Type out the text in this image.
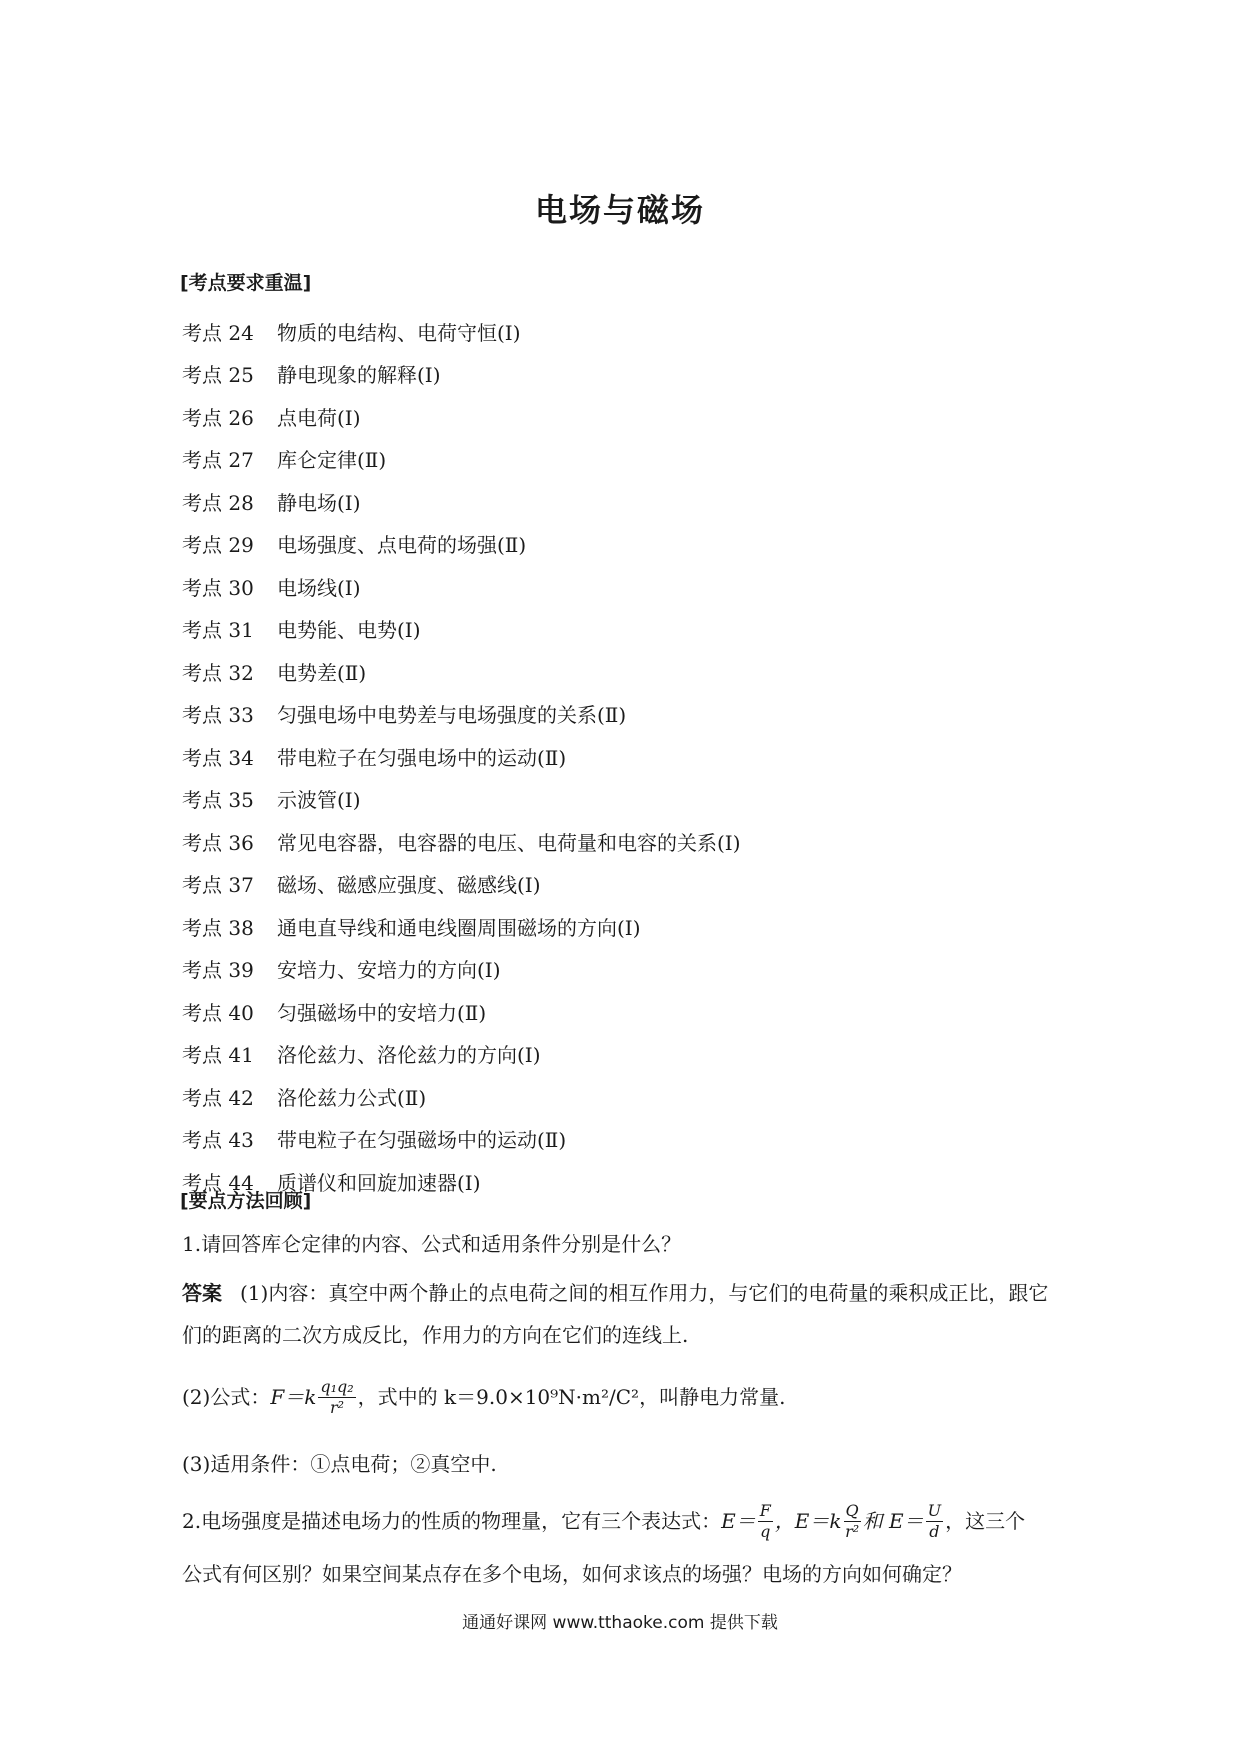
电场与磁场
[考点要求重温]
考点 24	物质的电结构、电荷守恒(Ⅰ)
考点 25	静电现象的解释(Ⅰ)
考点 26	点电荷(Ⅰ)
考点 27	库仑定律(Ⅱ)
考点 28	静电场(Ⅰ)
考点 29	电场强度、点电荷的场强(Ⅱ)
考点 30	电场线(Ⅰ)
考点 31	电势能、电势(Ⅰ)
考点 32	电势差(Ⅱ)
考点 33	匀强电场中电势差与电场强度的关系(Ⅱ)
考点 34	带电粒子在匀强电场中的运动(Ⅱ)
考点 35	示波管(Ⅰ)
考点 36	常见电容器，电容器的电压、电荷量和电容的关系(Ⅰ)
考点 37	磁场、磁感应强度、磁感线(Ⅰ)
考点 38	通电直导线和通电线圈周围磁场的方向(Ⅰ)
考点 39	安培力、安培力的方向(Ⅰ)
考点 40	匀强磁场中的安培力(Ⅱ)
考点 41	洛伦兹力、洛伦兹力的方向(Ⅰ)
考点 42	洛伦兹力公式(Ⅱ)
考点 43	带电粒子在匀强磁场中的运动(Ⅱ)
考点 44	质谱仪和回旋加速器(Ⅰ)
[要点方法回顾]
1.请回答库仑定律的内容、公式和适用条件分别是什么？
答案 (1)内容：真空中两个静止的点电荷之间的相互作用力，与它们的电荷量的乘积成正比，跟它们的距离的二次方成反比，作用力的方向在它们的连线上.
(2)公式： $F =k \frac{\text{q₁q₂}}{\text{r²}}$ ，式中的 k＝9.0×10⁹N·m²/C²，叫静电力常量.
(3)适用条件：①点电荷；②真空中.
2.电场强度是描述电场力的性质的物理量，它有三个表达式： $E= \frac{F}{q}$ ，$E=k \frac{Q}{\text{r²}}$ 和 $E= \frac{U}{d}$ ，这三个
公式有何区别？如果空间某点存在多个电场，如何求该点的场强？电场的方向如何确定？
通通好课网 www.tthaoke.com 提供下载
